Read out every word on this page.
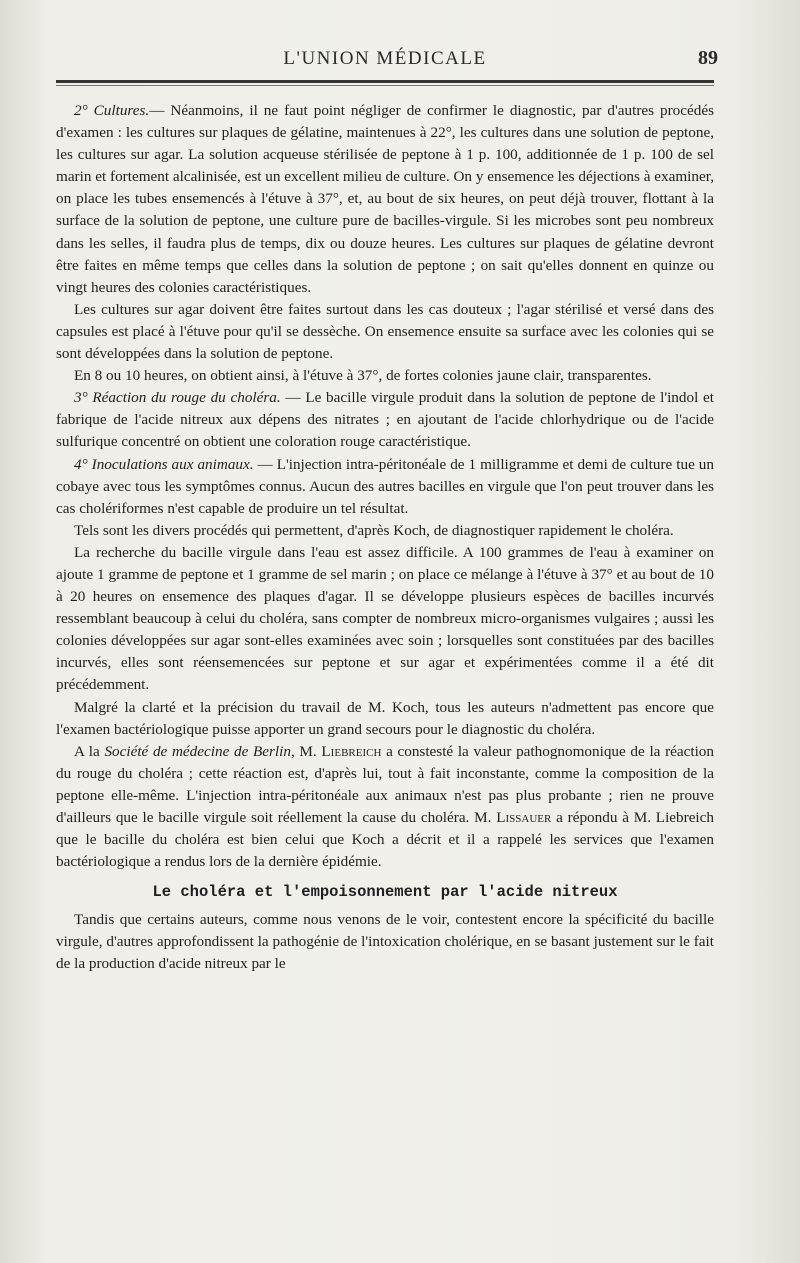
L'UNION MÉDICALE	89

2° Cultures.— Néanmoins, il ne faut point négliger de confirmer le diagnostic, par d'autres procédés d'examen : les cultures sur plaques de gélatine, maintenues à 22°, les cultures dans une solution de peptone, les cultures sur agar. La solution acqueuse stérilisée de peptone à 1 p. 100, additionnée de 1 p. 100 de sel marin et fortement alcalinisée, est un excellent milieu de culture. On y ensemence les déjections à examiner, on place les tubes ensemencés à l'étuve à 37°, et, au bout de six heures, on peut déjà trouver, flottant à la surface de la solution de peptone, une culture pure de bacilles-virgule. Si les microbes sont peu nombreux dans les selles, il faudra plus de temps, dix ou douze heures. Les cultures sur plaques de gélatine devront être faites en même temps que celles dans la solution de peptone ; on sait qu'elles donnent en quinze ou vingt heures des colonies caractéristiques.

Les cultures sur agar doivent être faites surtout dans les cas douteux ; l'agar stérilisé et versé dans des capsules est placé à l'étuve pour qu'il se dessèche. On ensemence ensuite sa surface avec les colonies qui se sont développées dans la solution de peptone.

En 8 ou 10 heures, on obtient ainsi, à l'étuve à 37°, de fortes colonies jaune clair, transparentes.

3° Réaction du rouge du choléra. — Le bacille virgule produit dans la solution de peptone de l'indol et fabrique de l'acide nitreux aux dépens des nitrates ; en ajoutant de l'acide chlorhydrique ou de l'acide sulfurique concentré on obtient une coloration rouge caractéristique.

4° Inoculations aux animaux. — L'injection intra-péritonéale de 1 milligramme et demi de culture tue un cobaye avec tous les symptômes connus. Aucun des autres bacilles en virgule que l'on peut trouver dans les cas cholériformes n'est capable de produire un tel résultat.

Tels sont les divers procédés qui permettent, d'après Koch, de diagnostiquer rapidement le choléra.

La recherche du bacille virgule dans l'eau est assez difficile. A 100 grammes de l'eau à examiner on ajoute 1 gramme de peptone et 1 gramme de sel marin ; on place ce mélange à l'étuve à 37° et au bout de 10 à 20 heures on ensemence des plaques d'agar. Il se développe plusieurs espèces de bacilles incurvés ressemblant beaucoup à celui du choléra, sans compter de nombreux micro-organismes vulgaires ; aussi les colonies développées sur agar sont-elles examinées avec soin ; lorsquelles sont constituées par des bacilles incurvés, elles sont réensemencées sur peptone et sur agar et expérimentées comme il a été dit précédemment.

Malgré la clarté et la précision du travail de M. Koch, tous les auteurs n'admettent pas encore que l'examen bactériologique puisse apporter un grand secours pour le diagnostic du choléra.

A la Société de médecine de Berlin, M. Liebreich a constesté la valeur pathognomonique de la réaction du rouge du choléra ; cette réaction est, d'après lui, tout à fait inconstante, comme la composition de la peptone elle-même. L'injection intra-péritonéale aux animaux n'est pas plus probante ; rien ne prouve d'ailleurs que le bacille virgule soit réellement la cause du choléra. M. Lissauer a répondu à M. Liebreich que le bacille du choléra est bien celui que Koch a décrit et il a rappelé les services que l'examen bactériologique a rendus lors de la dernière épidémie.

Le choléra et l'empoisonnement par l'acide nitreux

Tandis que certains auteurs, comme nous venons de le voir, contestent encore la spécificité du bacille virgule, d'autres approfondissent la pathogénie de l'intoxication cholérique, en se basant justement sur le fait de la production d'acide nitreux par le
